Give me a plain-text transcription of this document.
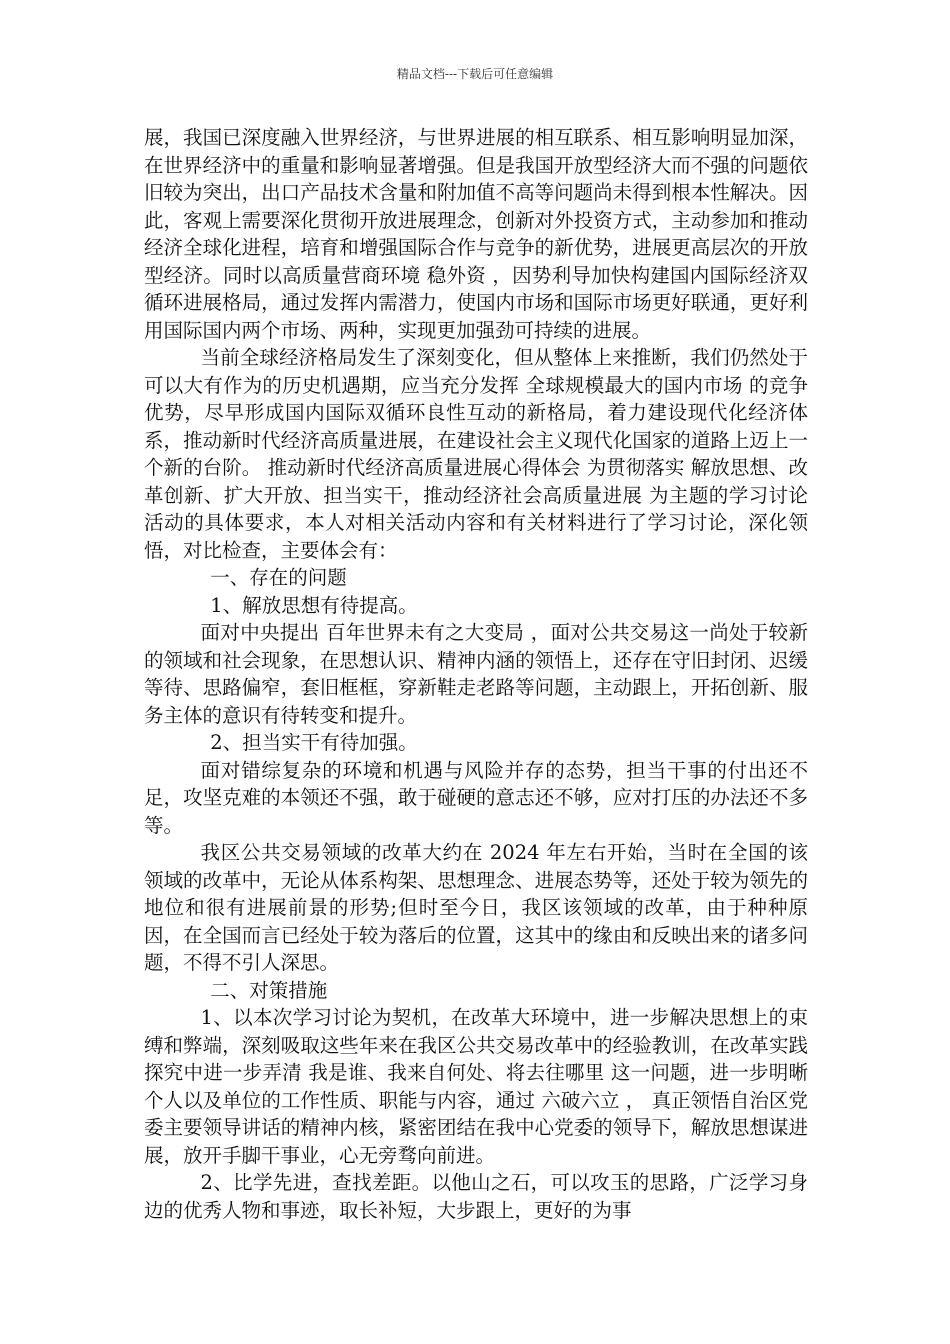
精品文档---下载后可任意编辑

展，我国已深度融入世界经济，与世界进展的相互联系、相互影响明显加深，在世界经济中的重量和影响显著增强。但是我国开放型经济大而不强的问题依旧较为突出，出口产品技术含量和附加值不高等问题尚未得到根本性解决。因此，客观上需要深化贯彻开放进展理念，创新对外投资方式，主动参加和推动经济全球化进程，培育和增强国际合作与竞争的新优势，进展更高层次的开放型经济。同时以高质量营商环境 稳外资 ，因势利导加快构建国内国际经济双循环进展格局，通过发挥内需潜力，使国内市场和国际市场更好联通，更好利用国际国内两个市场、两种，实现更加强劲可持续的进展。

当前全球经济格局发生了深刻变化，但从整体上来推断，我们仍然处于可以大有作为的历史机遇期，应当充分发挥 全球规模最大的国内市场 的竞争优势，尽早形成国内国际双循环良性互动的新格局，着力建设现代化经济体系，推动新时代经济高质量进展，在建设社会主义现代化国家的道路上迈上一个新的台阶。 推动新时代经济高质量进展心得体会 为贯彻落实 解放思想、改革创新、扩大开放、担当实干，推动经济社会高质量进展 为主题的学习讨论活动的具体要求，本人对相关活动内容和有关材料进行了学习讨论，深化领悟，对比检查，主要体会有：

一、存在的问题

1、解放思想有待提高。

面对中央提出 百年世界未有之大变局 ，面对公共交易这一尚处于较新的领域和社会现象，在思想认识、精神内涵的领悟上，还存在守旧封闭、迟缓等待、思路偏窄，套旧框框，穿新鞋走老路等问题，主动跟上，开拓创新、服务主体的意识有待转变和提升。

2、担当实干有待加强。

面对错综复杂的环境和机遇与风险并存的态势，担当干事的付出还不足，攻坚克难的本领还不强，敢于碰硬的意志还不够，应对打压的办法还不多等。

我区公共交易领域的改革大约在 2024 年左右开始，当时在全国的该领域的改革中，无论从体系构架、思想理念、进展态势等，还处于较为领先的地位和很有进展前景的形势;但时至今日，我区该领域的改革，由于种种原因，在全国而言已经处于较为落后的位置，这其中的缘由和反映出来的诸多问题，不得不引人深思。

二、对策措施

1、以本次学习讨论为契机，在改革大环境中，进一步解决思想上的束缚和弊端，深刻吸取这些年来在我区公共交易改革中的经验教训，在改革实践探究中进一步弄清 我是谁、我来自何处、将去往哪里 这一问题，进一步明晰个人以及单位的工作性质、职能与内容，通过 六破六立 ， 真正领悟自治区党委主要领导讲话的精神内核，紧密团结在我中心党委的领导下，解放思想谋进展，放开手脚干事业，心无旁骛向前进。

2、比学先进，查找差距。以他山之石，可以攻玉的思路，广泛学习身边的优秀人物和事迹，取长补短，大步跟上，更好的为事
